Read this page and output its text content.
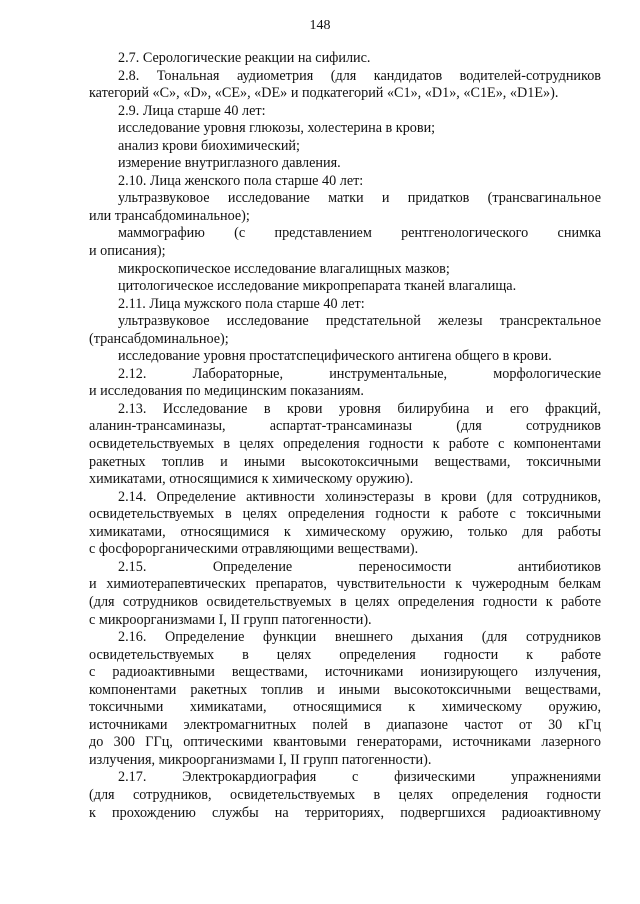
148

2.7. Серологические реакции на сифилис.

2.8. Тональная аудиометрия (для кандидатов водителей-сотрудников

категорий «С», «D», «СЕ», «DE» и подкатегорий «С1», «D1», «С1Е», «D1Е»).

2.9. Лица старше 40 лет:

исследование уровня глюкозы, холестерина в крови;

анализ крови биохимический;

измерение внутриглазного давления.

2.10. Лица женского пола старше 40 лет:

ультразвуковое исследование матки и придатков (трансвагинальное

или трансабдоминальное);

маммографию (с представлением рентгенологического снимка

и описания);

микроскопическое исследование влагалищных мазков;

цитологическое исследование микропрепарата тканей влагалища.

2.11. Лица мужского пола старше 40 лет:

ультразвуковое исследование предстательной железы трансректальное

(трансабдоминальное);

исследование уровня простатспецифического антигена общего в крови.

2.12. Лабораторные, инструментальные, морфологические

и исследования по медицинским показаниям.

2.13. Исследование в крови уровня билирубина и его фракций,

аланин-трансаминазы, аспартат-трансаминазы (для сотрудников

освидетельствуемых в целях определения годности к работе с компонентами

ракетных топлив и иными высокотоксичными веществами, токсичными

химикатами, относящимися к химическому оружию).

2.14. Определение активности холинэстеразы в крови (для сотрудников,

освидетельствуемых в целях определения годности к работе с токсичными

химикатами, относящимися к химическому оружию, только для работы

с фосфорорганическими отравляющими веществами).

2.15. Определение переносимости антибиотиков

и химиотерапевтических препаратов, чувствительности к чужеродным белкам

(для сотрудников освидетельствуемых в целях определения годности к работе

с микроорганизмами I, II групп патогенности).

2.16. Определение функции внешнего дыхания (для сотрудников

освидетельствуемых в целях определения годности к работе

с радиоактивными веществами, источниками ионизирующего излучения,

компонентами ракетных топлив и иными высокотоксичными веществами,

токсичными химикатами, относящимися к химическому оружию,

источниками электромагнитных полей в диапазоне частот от 30 кГц

до 300 ГГц, оптическими квантовыми генераторами, источниками лазерного

излучения, микроорганизмами I, II групп патогенности).

2.17. Электрокардиография с физическими упражнениями

(для сотрудников, освидетельствуемых в целях определения годности

к прохождению службы на территориях, подвергшихся радиоактивному
